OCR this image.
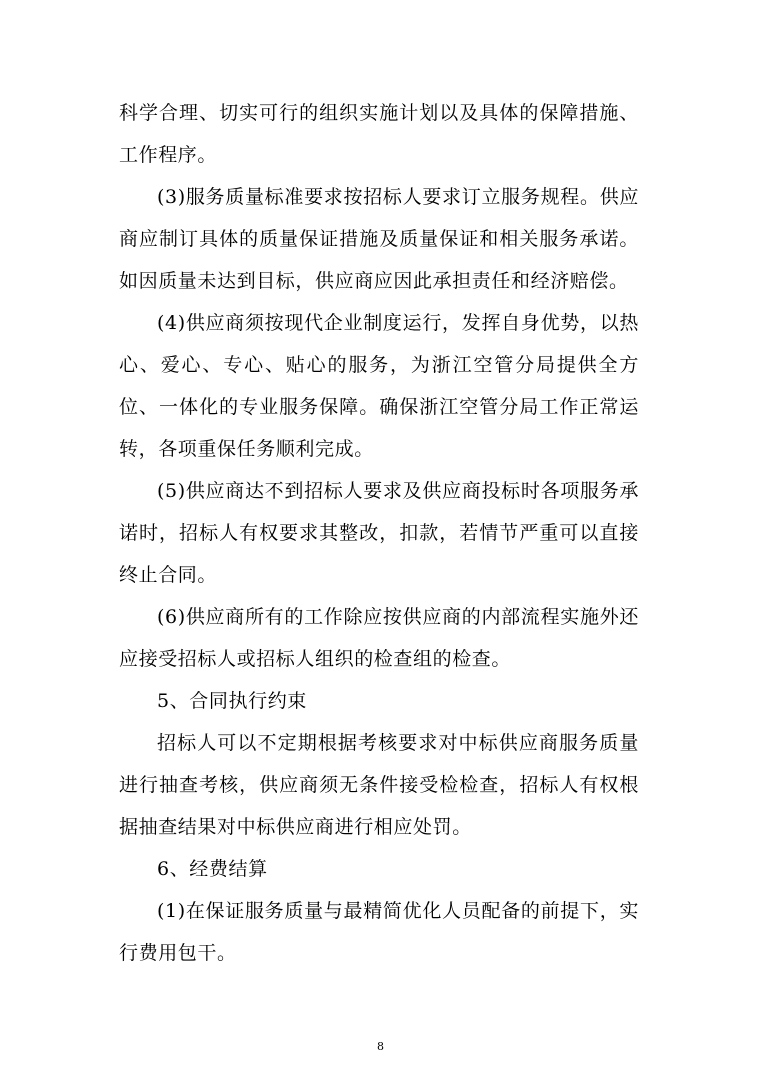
科学合理、切实可行的组织实施计划以及具体的保障措施、工作程序。

(3)服务质量标准要求按招标人要求订立服务规程。供应商应制订具体的质量保证措施及质量保证和相关服务承诺。如因质量未达到目标，供应商应因此承担责任和经济赔偿。

(4)供应商须按现代企业制度运行，发挥自身优势，以热心、爱心、专心、贴心的服务，为浙江空管分局提供全方位、一体化的专业服务保障。确保浙江空管分局工作正常运转，各项重保任务顺利完成。

(5)供应商达不到招标人要求及供应商投标时各项服务承诺时，招标人有权要求其整改，扣款，若情节严重可以直接终止合同。

(6)供应商所有的工作除应按供应商的内部流程实施外还应接受招标人或招标人组织的检查组的检查。

5、合同执行约束

招标人可以不定期根据考核要求对中标供应商服务质量进行抽查考核，供应商须无条件接受检检查，招标人有权根据抽查结果对中标供应商进行相应处罚。

6、经费结算

(1)在保证服务质量与最精简优化人员配备的前提下，实行费用包干。

8
